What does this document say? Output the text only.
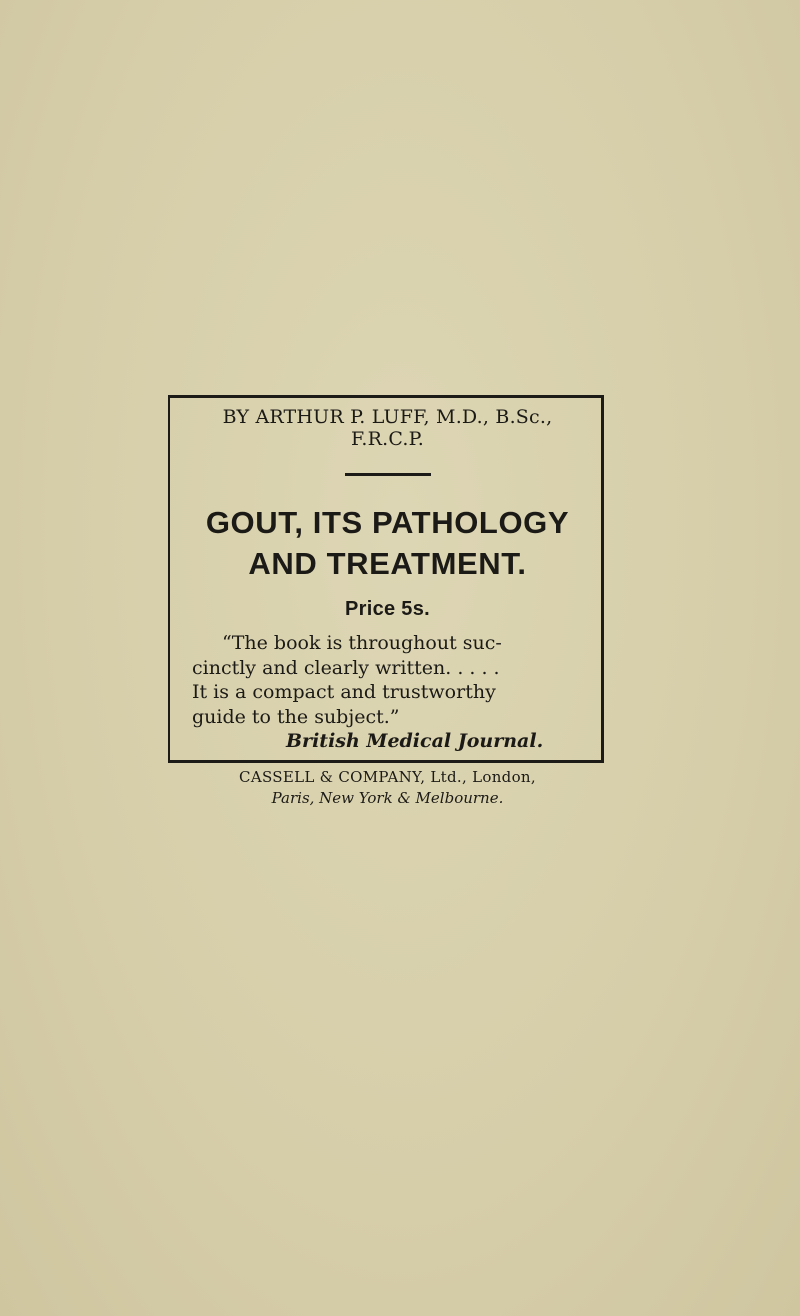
BY ARTHUR P. LUFF, M.D., B.Sc., F.R.C.P.

GOUT, ITS PATHOLOGY

AND TREATMENT.

Price 5s.

“The book is throughout suc-
cinctly and clearly written. . . . .
It is a compact and trustworthy
guide to the subject.”

British Medical Journal.

CASSELL & COMPANY, Ltd., London,

Paris, New York & Melbourne.
